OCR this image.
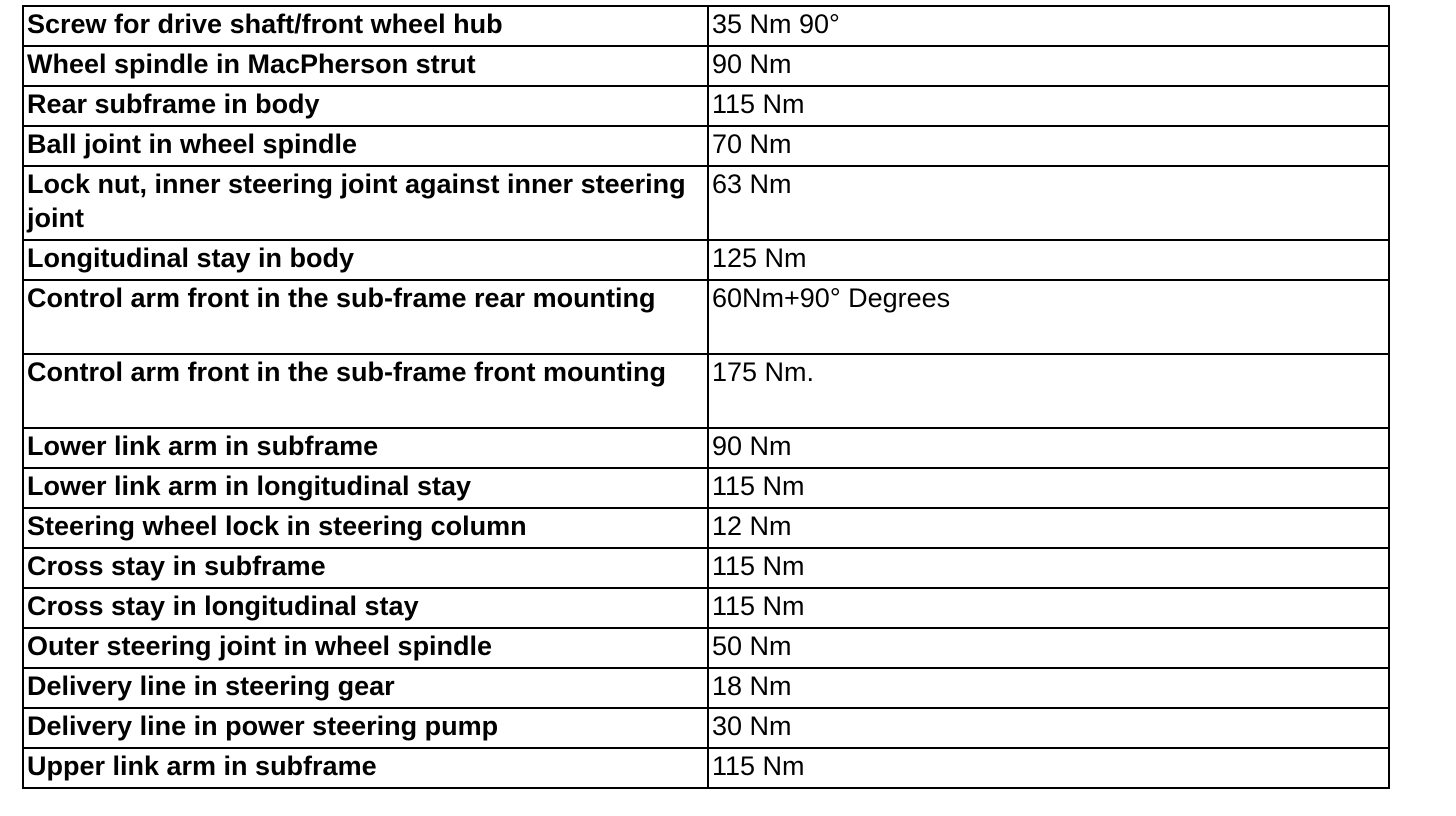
Screw for drive shaft/front wheel hub	35 Nm 90°
Wheel spindle in MacPherson strut	90 Nm
Rear subframe in body	115 Nm
Ball joint in wheel spindle	70 Nm
Lock nut, inner steering joint against inner steering joint	63 Nm
Longitudinal stay in body	125 Nm
Control arm front in the sub-frame rear mounting	60Nm+90° Degrees
Control arm front in the sub-frame front mounting	175 Nm.
Lower link arm in subframe	90 Nm
Lower link arm in longitudinal stay	115 Nm
Steering wheel lock in steering column	12 Nm
Cross stay in subframe	115 Nm
Cross stay in longitudinal stay	115 Nm
Outer steering joint in wheel spindle	50 Nm
Delivery line in steering gear	18 Nm
Delivery line in power steering pump	30 Nm
Upper link arm in subframe	115 Nm
